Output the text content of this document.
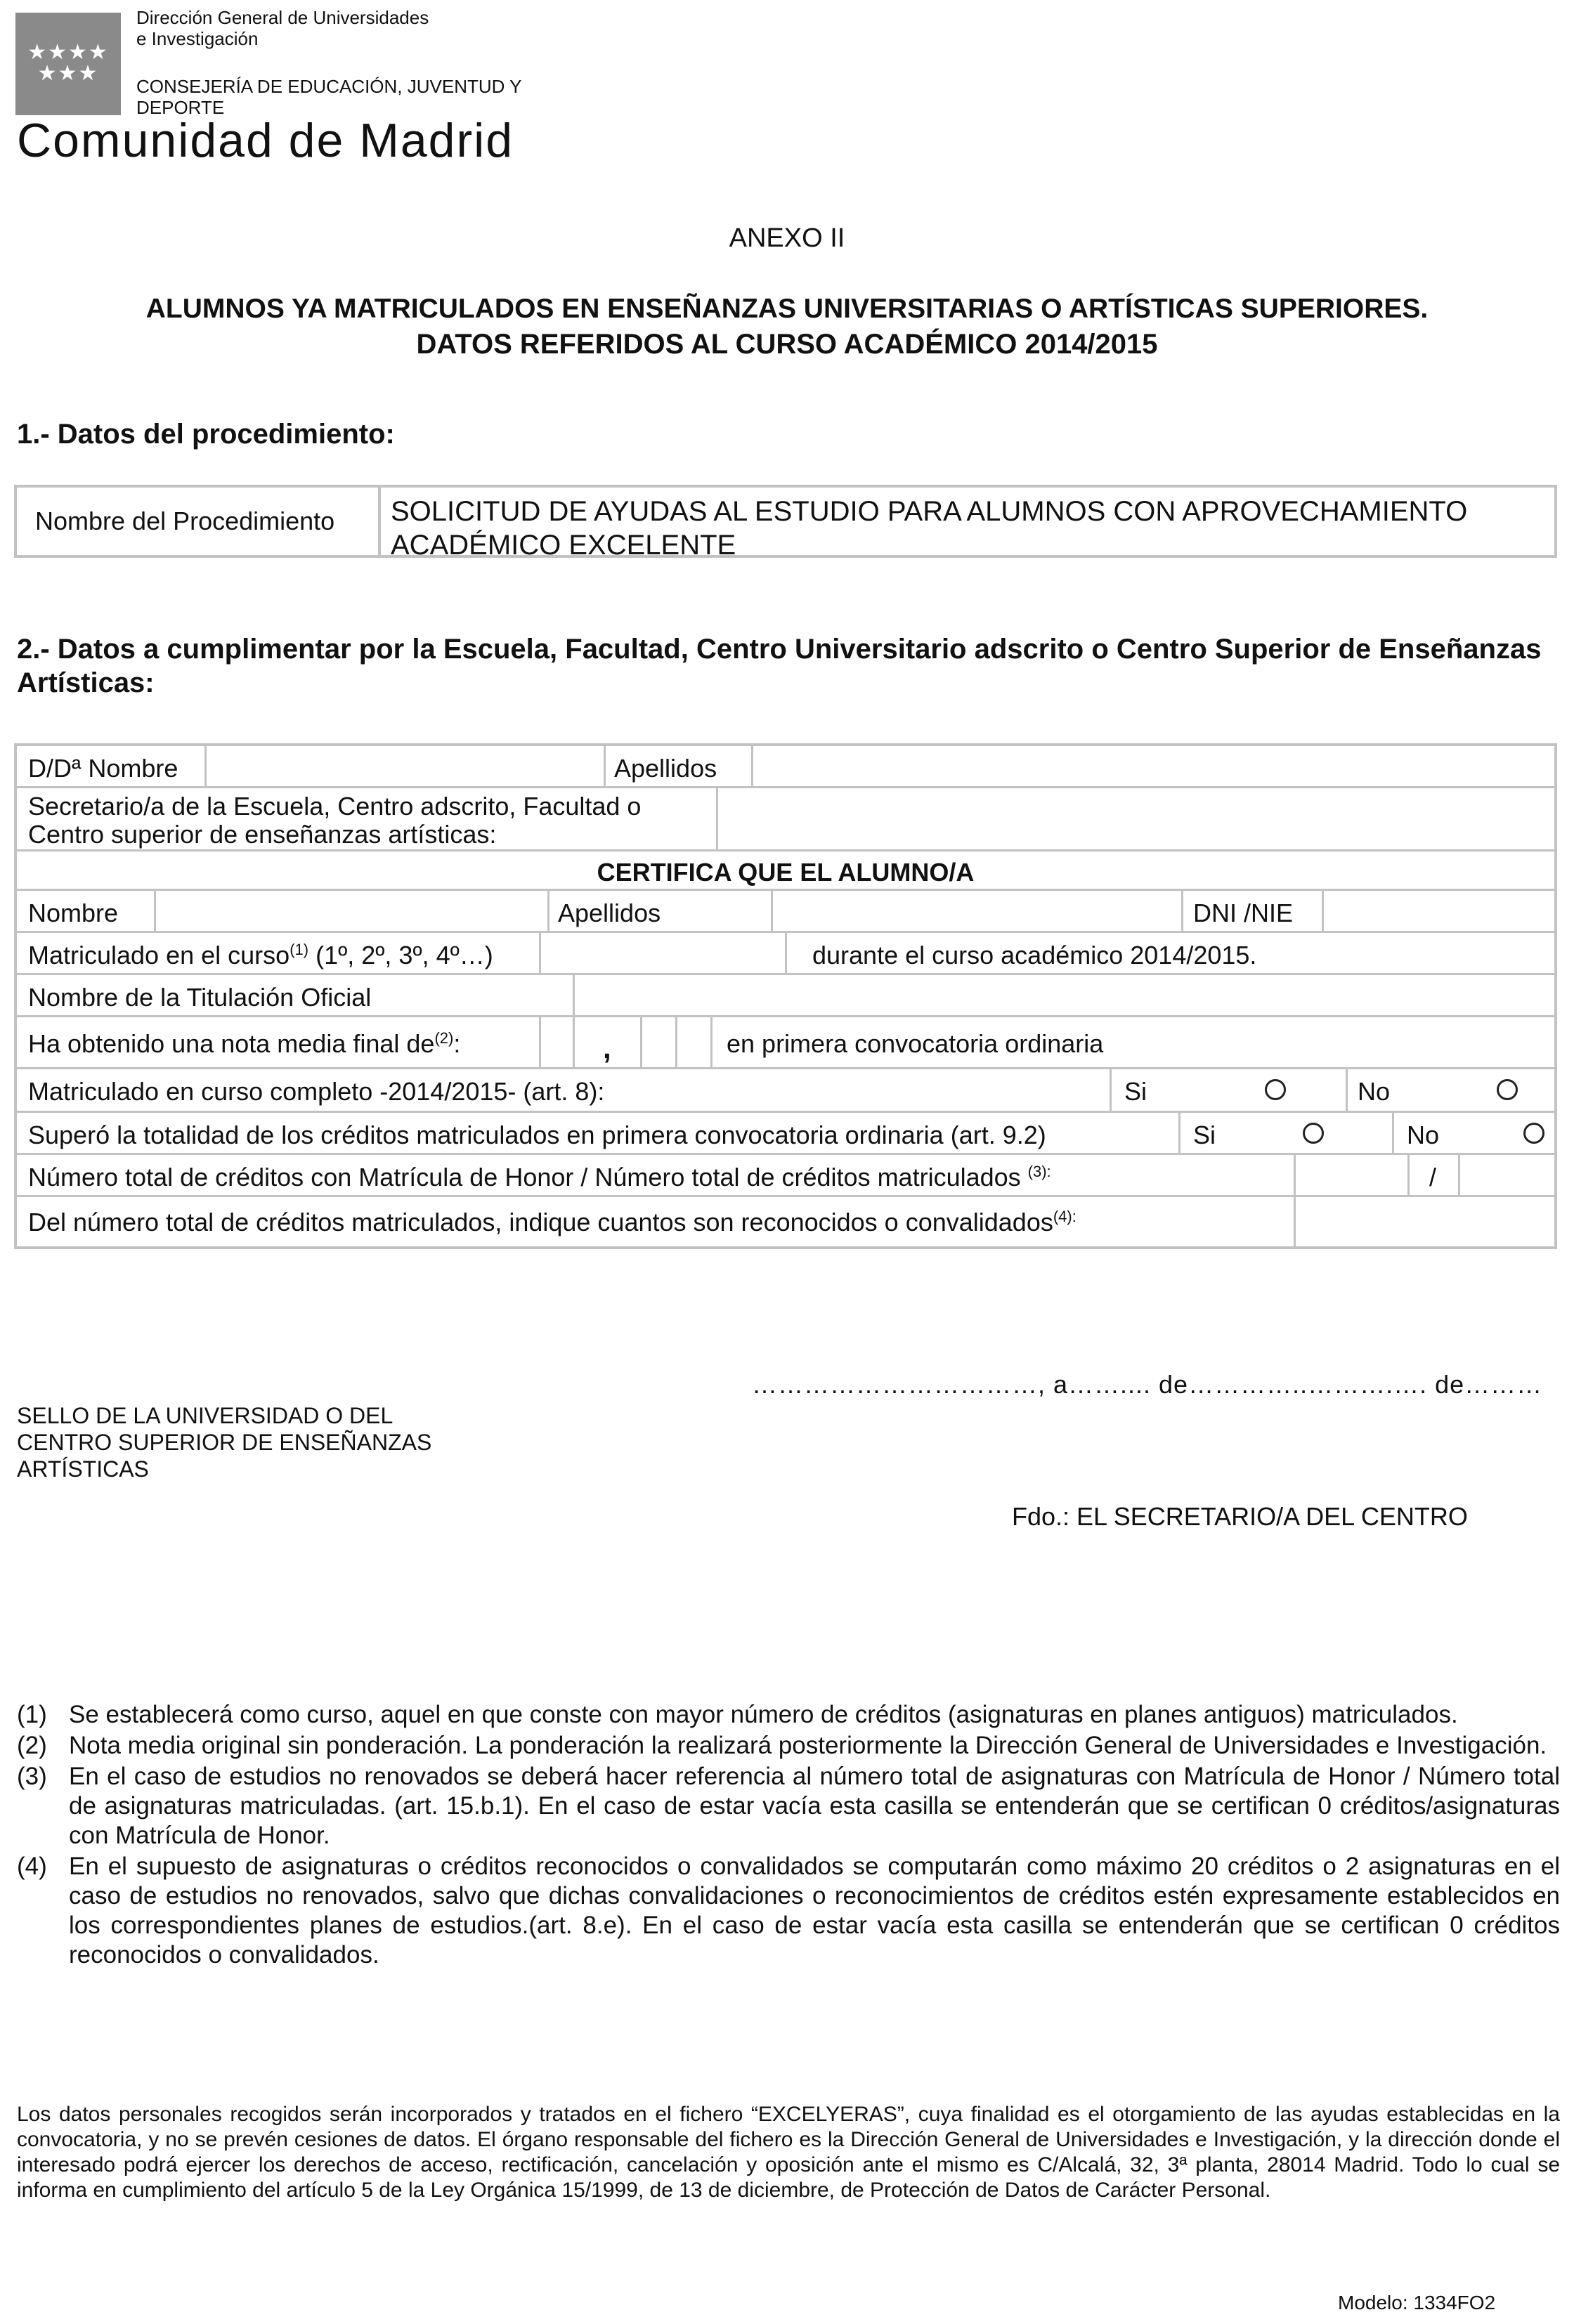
★★★★ ★★★
Dirección General de Universidades
e Investigación
CONSEJERÍA DE EDUCACIÓN, JUVENTUD Y
DEPORTE
Comunidad de Madrid
ANEXO II
ALUMNOS YA MATRICULADOS EN ENSEÑANZAS UNIVERSITARIAS O ARTÍSTICAS SUPERIORES.
DATOS REFERIDOS AL CURSO ACADÉMICO 2014/2015
1.- Datos del procedimiento:
Nombre del Procedimiento	SOLICITUD DE AYUDAS AL ESTUDIO PARA ALUMNOS CON APROVECHAMIENTO
ACADÉMICO EXCELENTE
2.- Datos a cumplimentar por la Escuela, Facultad, Centro Universitario adscrito o Centro Superior de Enseñanzas Artísticas:
D/Dª Nombre	Apellidos
Secretario/a de la Escuela, Centro adscrito, Facultad o
Centro superior de enseñanzas artísticas:
CERTIFICA QUE EL ALUMNO/A
Nombre	Apellidos	DNI /NIE
Matriculado en el curso$^{(1)}$ (1º, 2º, 3º, 4º…)	durante el curso académico 2014/2015.
Nombre de la Titulación Oficial
Ha obtenido una nota media final $de^{(2)}$:	,	en primera convocatoria ordinaria
Matriculado en curso completo -2014/2015- (art. 8):	Si	No
Superó la totalidad de los créditos matriculados en primera convocatoria ordinaria (art. 9.2)	Si	No
Número total de créditos con Matrícula de Honor / Número total de créditos matriculados $^{(3):}$	/
Del número total de créditos matriculados, indique cuantos son reconocidos o convalidados$^{(4):}$
SELLO DE LA UNIVERSIDAD O DEL
CENTRO SUPERIOR DE ENSEÑANZAS
ARTÍSTICAS
……………………………, a…….... de…………..……….…. de………
Fdo.: EL SECRETARIO/A DEL CENTRO
(1) Se establecerá como curso, aquel en que conste con mayor número de créditos (asignaturas en planes antiguos) matriculados.
(2) Nota media original sin ponderación. La ponderación la realizará posteriormente la Dirección General de Universidades e Investigación.
(3) En el caso de estudios no renovados se deberá hacer referencia al número total de asignaturas con Matrícula de Honor / Número total de asignaturas matriculadas. (art. 15.b.1). En el caso de estar vacía esta casilla se entenderán que se certifican 0 créditos/asignaturas con Matrícula de Honor.
(4) En el supuesto de asignaturas o créditos reconocidos o convalidados se computarán como máximo 20 créditos o 2 asignaturas en el caso de estudios no renovados, salvo que dichas convalidaciones o reconocimientos de créditos estén expresamente establecidos en los correspondientes planes de estudios.(art. 8.e). En el caso de estar vacía esta casilla se entenderán que se certifican 0 créditos reconocidos o convalidados.
Los datos personales recogidos serán incorporados y tratados en el fichero “EXCELYERAS”, cuya finalidad es el otorgamiento de las ayudas establecidas en la convocatoria, y no se prevén cesiones de datos. El órgano responsable del fichero es la Dirección General de Universidades e Investigación, y la dirección donde el interesado podrá ejercer los derechos de acceso, rectificación, cancelación y oposición ante el mismo es C/Alcalá, 32, 3ª planta, 28014 Madrid. Todo lo cual se informa en cumplimiento del artículo 5 de la Ley Orgánica 15/1999, de 13 de diciembre, de Protección de Datos de Carácter Personal.
Modelo: 1334FO2
